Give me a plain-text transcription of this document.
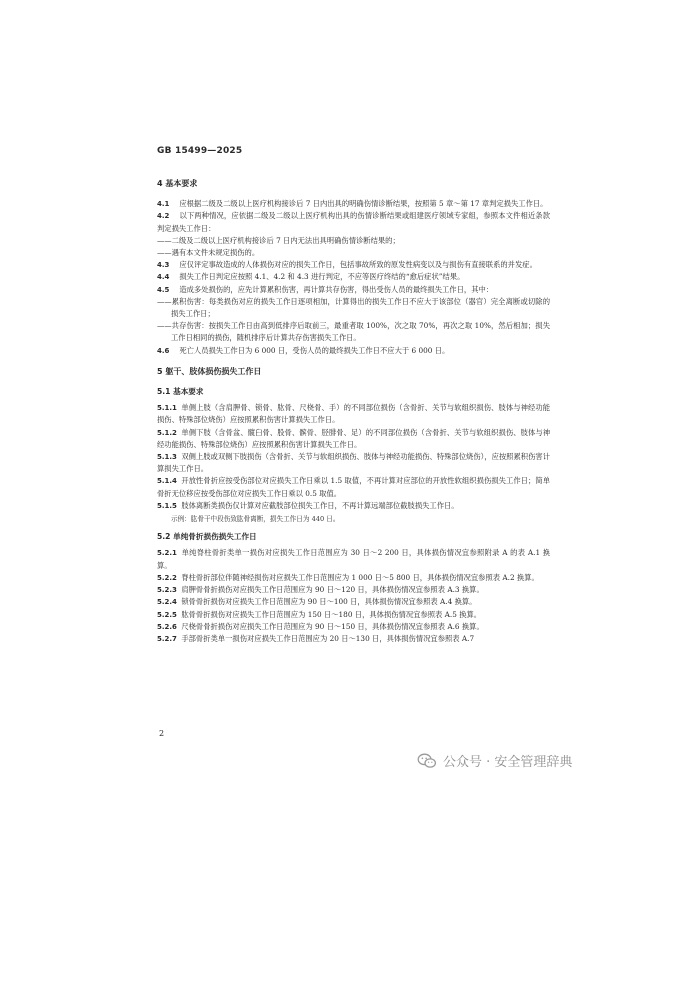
GB 15499—2025
4 基本要求
4.1 应根据二级及二级以上医疗机构接诊后 7 日内出具的明确伤情诊断结果，按照第 5 章～第 17 章判定损失工作日。
4.2 以下两种情况，应依据二级及二级以上医疗机构出具的伤情诊断结果或组建医疗领域专家组，参照本文件相近条款判定损失工作日：
——二级及二级以上医疗机构接诊后 7 日内无法出具明确伤情诊断结果的；
——遇有本文件未规定损伤的。
4.3 应仅评定事故造成的人体损伤对应的损失工作日，包括事故所致的原发性病变以及与损伤有直接联系的并发症。
4.4 损失工作日判定应按照 4.1、4.2 和 4.3 进行判定，不应等医疗终结的“愈后症状”结果。
4.5 造成多处损伤的，应先计算累积伤害，再计算共存伤害，得出受伤人员的最终损失工作日，其中：
——累积伤害：每类损伤对应的损失工作日逐项相加，计算得出的损失工作日不应大于该部位（器官）完全离断或切除的损失工作日；
——共存伤害：按损失工作日由高到低排序后取前三，最重者取 100%，次之取 70%，再次之取 10%，然后相加；损失工作日相同的损伤，随机排序后计算共存伤害损失工作日。
4.6 死亡人员损失工作日为 6 000 日，受伤人员的最终损失工作日不应大于 6 000 日。
5 躯干、肢体损伤损失工作日
5.1 基本要求
5.1.1 单侧上肢（含肩胛骨、锁骨、肱骨、尺桡骨、手）的不同部位损伤（含骨折、关节与软组织损伤、肢体与神经功能损伤、特殊部位烧伤）应按照累积伤害计算损失工作日。
5.1.2 单侧下肢（含骨盆、髋臼骨、股骨、髌骨、胫腓骨、足）的不同部位损伤（含骨折、关节与软组织损伤、肢体与神经功能损伤、特殊部位烧伤）应按照累积伤害计算损失工作日。
5.1.3 双侧上肢或双侧下肢损伤（含骨折、关节与软组织损伤、肢体与神经功能损伤、特殊部位烧伤），应按照累积伤害计算损失工作日。
5.1.4 开放性骨折应按受伤部位对应损失工作日乘以 1.5 取值，不再计算对应部位的开放性软组织损伤损失工作日；简单骨折无位移应按受伤部位对应损失工作日乘以 0.5 取值。
5.1.5 肢体离断类损伤仅计算对应截肢部位损失工作日，不再计算远端部位截肢损失工作日。
示例：肱骨干中段伤致肱骨离断，损失工作日为 440 日。
5.2 单纯骨折损伤损失工作日
5.2.1 单纯脊柱骨折类单一损伤对应损失工作日范围应为 30 日～2 200 日，具体损伤情况宜参照附录 A 的表 A.1 换算。
5.2.2 脊柱骨折部位伴随神经损伤对应损失工作日范围应为 1 000 日～5 800 日，具体损伤情况宜参照表 A.2 换算。
5.2.3 肩胛骨骨折损伤对应损失工作日范围应为 90 日～120 日，具体损伤情况宜参照表 A.3 换算。
5.2.4 锁骨骨折损伤对应损失工作日范围应为 90 日～100 日，具体损伤情况宜参照表 A.4 换算。
5.2.5 肱骨骨折损伤对应损失工作日范围应为 150 日～180 日，具体损伤情况宜参照表 A.5 换算。
5.2.6 尺桡骨骨折损伤对应损失工作日范围应为 90 日～150 日，具体损伤情况宜参照表 A.6 换算。
5.2.7 手部骨折类单一损伤对应损失工作日范围应为 20 日～130 日，具体损伤情况宜参照表 A.7
2
公众号 · 安全管理辞典
